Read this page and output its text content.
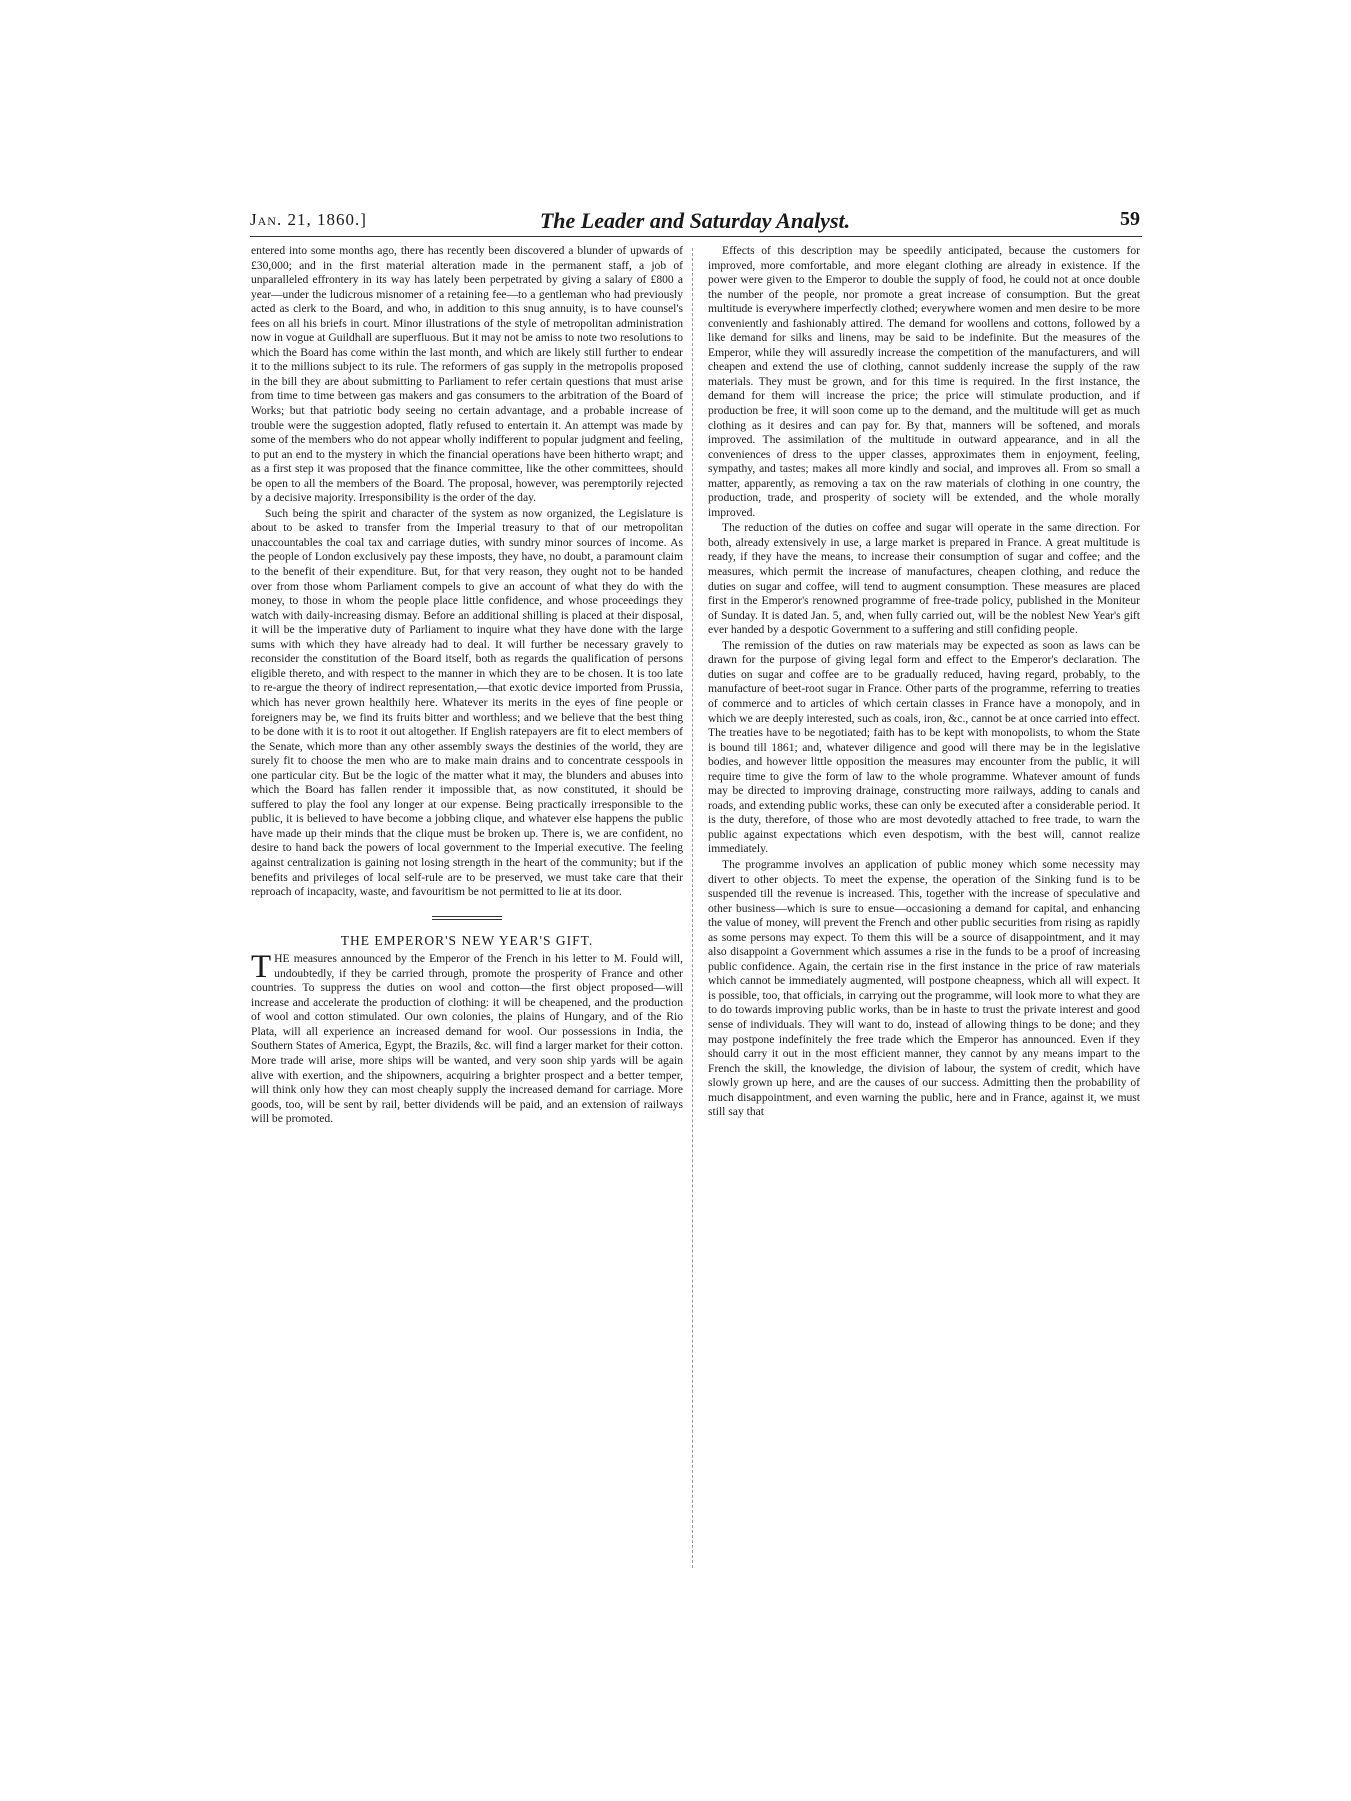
Jan. 21, 1860.]	The Leader and Saturday Analyst.	59

entered into some months ago, there has recently been discovered a blunder of upwards of £30,000; and in the first material alteration made in the permanent staff, a job of unparalleled effrontery in its way has lately been perpetrated by giving a salary of £800 a year—under the ludicrous misnomer of a retaining fee—to a gentleman who had previously acted as clerk to the Board, and who, in addition to this snug annuity, is to have counsel's fees on all his briefs in court. Minor illustrations of the style of metropolitan administration now in vogue at Guildhall are superfluous. But it may not be amiss to note two resolutions to which the Board has come within the last month, and which are likely still further to endear it to the millions subject to its rule. The reformers of gas supply in the metropolis proposed in the bill they are about submitting to Parliament to refer certain questions that must arise from time to time between gas makers and gas consumers to the arbitration of the Board of Works; but that patriotic body seeing no certain advantage, and a probable increase of trouble were the suggestion adopted, flatly refused to entertain it. An attempt was made by some of the members who do not appear wholly indifferent to popular judgment and feeling, to put an end to the mystery in which the financial operations have been hitherto wrapt; and as a first step it was proposed that the finance committee, like the other committees, should be open to all the members of the Board. The proposal, however, was peremptorily rejected by a decisive majority. Irresponsibility is the order of the day.

Such being the spirit and character of the system as now organized, the Legislature is about to be asked to transfer from the Imperial treasury to that of our metropolitan unaccountables the coal tax and carriage duties, with sundry minor sources of income. As the people of London exclusively pay these imposts, they have, no doubt, a paramount claim to the benefit of their expenditure. But, for that very reason, they ought not to be handed over from those whom Parliament compels to give an account of what they do with the money, to those in whom the people place little confidence, and whose proceedings they watch with daily-increasing dismay. Before an additional shilling is placed at their disposal, it will be the imperative duty of Parliament to inquire what they have done with the large sums with which they have already had to deal. It will further be necessary gravely to reconsider the constitution of the Board itself, both as regards the qualification of persons eligible thereto, and with respect to the manner in which they are to be chosen. It is too late to re-argue the theory of indirect representation,—that exotic device imported from Prussia, which has never grown healthily here. Whatever its merits in the eyes of fine people or foreigners may be, we find its fruits bitter and worthless; and we believe that the best thing to be done with it is to root it out altogether. If English ratepayers are fit to elect members of the Senate, which more than any other assembly sways the destinies of the world, they are surely fit to choose the men who are to make main drains and to concentrate cesspools in one particular city. But be the logic of the matter what it may, the blunders and abuses into which the Board has fallen render it impossible that, as now constituted, it should be suffered to play the fool any longer at our expense. Being practically irresponsible to the public, it is believed to have become a jobbing clique, and whatever else happens the public have made up their minds that the clique must be broken up. There is, we are confident, no desire to hand back the powers of local government to the Imperial executive. The feeling against centralization is gaining not losing strength in the heart of the community; but if the benefits and privileges of local self-rule are to be preserved, we must take care that their reproach of incapacity, waste, and favouritism be not permitted to lie at its door.

THE EMPEROR'S NEW YEAR'S GIFT.

THE measures announced by the Emperor of the French in his letter to M. Fould will, undoubtedly, if they be carried through, promote the prosperity of France and other countries. To suppress the duties on wool and cotton—the first object proposed—will increase and accelerate the production of clothing: it will be cheapened, and the production of wool and cotton stimulated. Our own colonies, the plains of Hungary, and of the Rio Plata, will all experience an increased demand for wool. Our possessions in India, the Southern States of America, Egypt, the Brazils, &c. will find a larger market for their cotton. More trade will arise, more ships will be wanted, and very soon ship yards will be again alive with exertion, and the shipowners, acquiring a brighter prospect and a better temper, will think only how they can most cheaply supply the increased demand for carriage. More goods, too, will be sent by rail, better dividends will be paid, and an extension of railways will be promoted.

Effects of this description may be speedily anticipated, because the customers for improved, more comfortable, and more elegant clothing are already in existence. If the power were given to the Emperor to double the supply of food, he could not at once double the number of the people, nor promote a great increase of consumption. But the great multitude is everywhere imperfectly clothed; everywhere women and men desire to be more conveniently and fashionably attired. The demand for woollens and cottons, followed by a like demand for silks and linens, may be said to be indefinite. But the measures of the Emperor, while they will assuredly increase the competition of the manufacturers, and will cheapen and extend the use of clothing, cannot suddenly increase the supply of the raw materials. They must be grown, and for this time is required. In the first instance, the demand for them will increase the price; the price will stimulate production, and if production be free, it will soon come up to the demand, and the multitude will get as much clothing as it desires and can pay for. By that, manners will be softened, and morals improved. The assimilation of the multitude in outward appearance, and in all the conveniences of dress to the upper classes, approximates them in enjoyment, feeling, sympathy, and tastes; makes all more kindly and social, and improves all. From so small a matter, apparently, as removing a tax on the raw materials of clothing in one country, the production, trade, and prosperity of society will be extended, and the whole morally improved.

The reduction of the duties on coffee and sugar will operate in the same direction. For both, already extensively in use, a large market is prepared in France. A great multitude is ready, if they have the means, to increase their consumption of sugar and coffee; and the measures, which permit the increase of manufactures, cheapen clothing, and reduce the duties on sugar and coffee, will tend to augment consumption. These measures are placed first in the Emperor's renowned programme of free-trade policy, published in the Moniteur of Sunday. It is dated Jan. 5, and, when fully carried out, will be the noblest New Year's gift ever handed by a despotic Government to a suffering and still confiding people.

The remission of the duties on raw materials may be expected as soon as laws can be drawn for the purpose of giving legal form and effect to the Emperor's declaration. The duties on sugar and coffee are to be gradually reduced, having regard, probably, to the manufacture of beet-root sugar in France. Other parts of the programme, referring to treaties of commerce and to articles of which certain classes in France have a monopoly, and in which we are deeply interested, such as coals, iron, &c., cannot be at once carried into effect. The treaties have to be negotiated; faith has to be kept with monopolists, to whom the State is bound till 1861; and, whatever diligence and good will there may be in the legislative bodies, and however little opposition the measures may encounter from the public, it will require time to give the form of law to the whole programme. Whatever amount of funds may be directed to improving drainage, constructing more railways, adding to canals and roads, and extending public works, these can only be executed after a considerable period. It is the duty, therefore, of those who are most devotedly attached to free trade, to warn the public against expectations which even despotism, with the best will, cannot realize immediately.

The programme involves an application of public money which some necessity may divert to other objects. To meet the expense, the operation of the Sinking fund is to be suspended till the revenue is increased. This, together with the increase of speculative and other business—which is sure to ensue—occasioning a demand for capital, and enhancing the value of money, will prevent the French and other public securities from rising as rapidly as some persons may expect. To them this will be a source of disappointment, and it may also disappoint a Government which assumes a rise in the funds to be a proof of increasing public confidence. Again, the certain rise in the first instance in the price of raw materials which cannot be immediately augmented, will postpone cheapness, which all will expect. It is possible, too, that officials, in carrying out the programme, will look more to what they are to do towards improving public works, than be in haste to trust the private interest and good sense of individuals. They will want to do, instead of allowing things to be done; and they may postpone indefinitely the free trade which the Emperor has announced. Even if they should carry it out in the most efficient manner, they cannot by any means impart to the French the skill, the knowledge, the division of labour, the system of credit, which have slowly grown up here, and are the causes of our success. Admitting then the probability of much disappointment, and even warning the public, here and in France, against it, we must still say that
